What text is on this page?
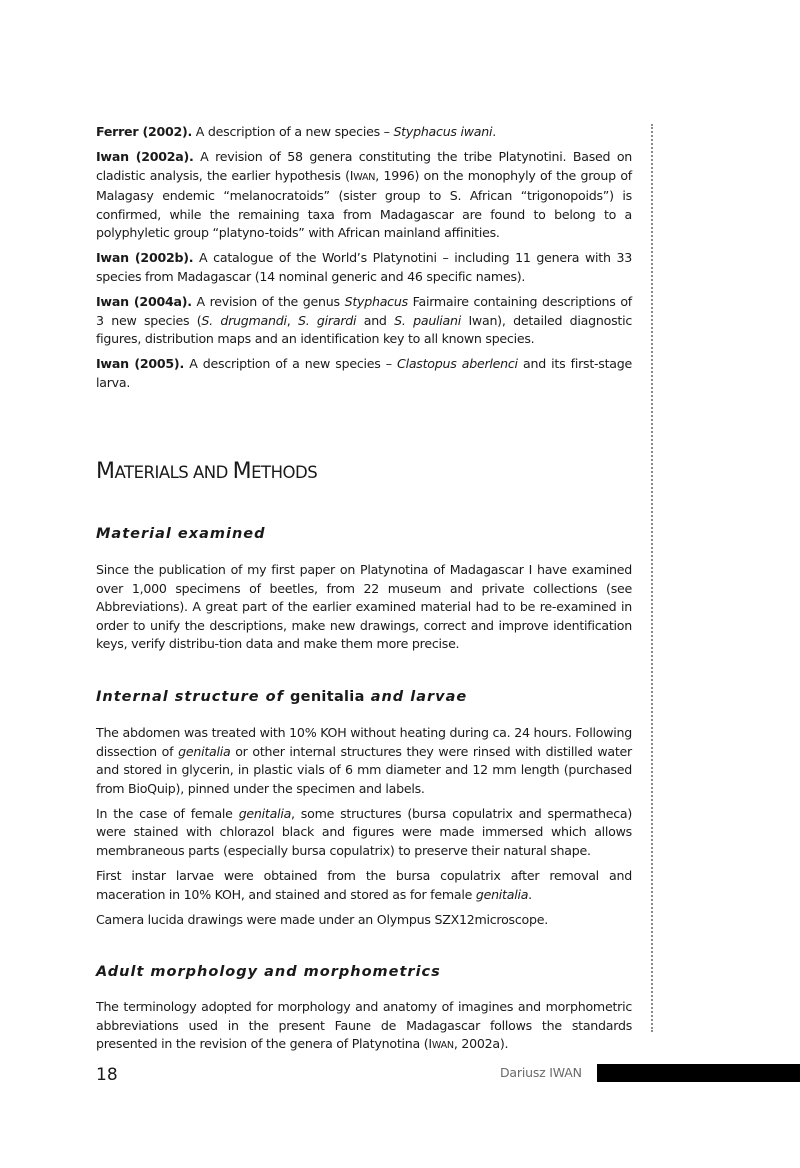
Ferrer (2002). A description of a new species – Styphacus iwani.

Iwan (2002a). A revision of 58 genera constituting the tribe Platynotini. Based on cladistic analysis, the earlier hypothesis (IWAN, 1996) on the monophyly of the group of Malagasy endemic “melanocratoids” (sister group to S. African “trigonopoids”) is confirmed, while the remaining taxa from Madagascar are found to belong to a polyphyletic group “platyno-toids” with African mainland affinities.

Iwan (2002b). A catalogue of the World’s Platynotini – including 11 genera with 33 species from Madagascar (14 nominal generic and 46 specific names).

Iwan (2004a). A revision of the genus Styphacus Fairmaire containing descriptions of 3 new species (S. drugmandi, S. girardi and S. pauliani Iwan), detailed diagnostic figures, distribution maps and an identification key to all known species.

Iwan (2005). A description of a new species – Clastopus aberlenci and its first-stage larva.

MATERIALS AND METHODS
Material examined

Since the publication of my first paper on Platynotina of Madagascar I have examined over 1,000 specimens of beetles, from 22 museum and private collections (see Abbreviations). A great part of the earlier examined material had to be re-examined in order to unify the descriptions, make new drawings, correct and improve identification keys, verify distribu-tion data and make them more precise.

Internal structure of genitalia and larvae

The abdomen was treated with 10% KOH without heating during ca. 24 hours. Following dissection of genitalia or other internal structures they were rinsed with distilled water and stored in glycerin, in plastic vials of 6 mm diameter and 12 mm length (purchased from BioQuip), pinned under the specimen and labels.

In the case of female genitalia, some structures (bursa copulatrix and spermatheca) were stained with chlorazol black and figures were made immersed which allows membraneous parts (especially bursa copulatrix) to preserve their natural shape.

First instar larvae were obtained from the bursa copulatrix after removal and maceration in 10% KOH, and stained and stored as for female genitalia.

Camera lucida drawings were made under an Olympus SZX12microscope.

Adult morphology and morphometrics

The terminology adopted for morphology and anatomy of imagines and morphometric abbreviations used in the present Faune de Madagascar follows the standards presented in the revision of the genera of Platynotina (IWAN, 2002a).

18	Dariusz IWAN
